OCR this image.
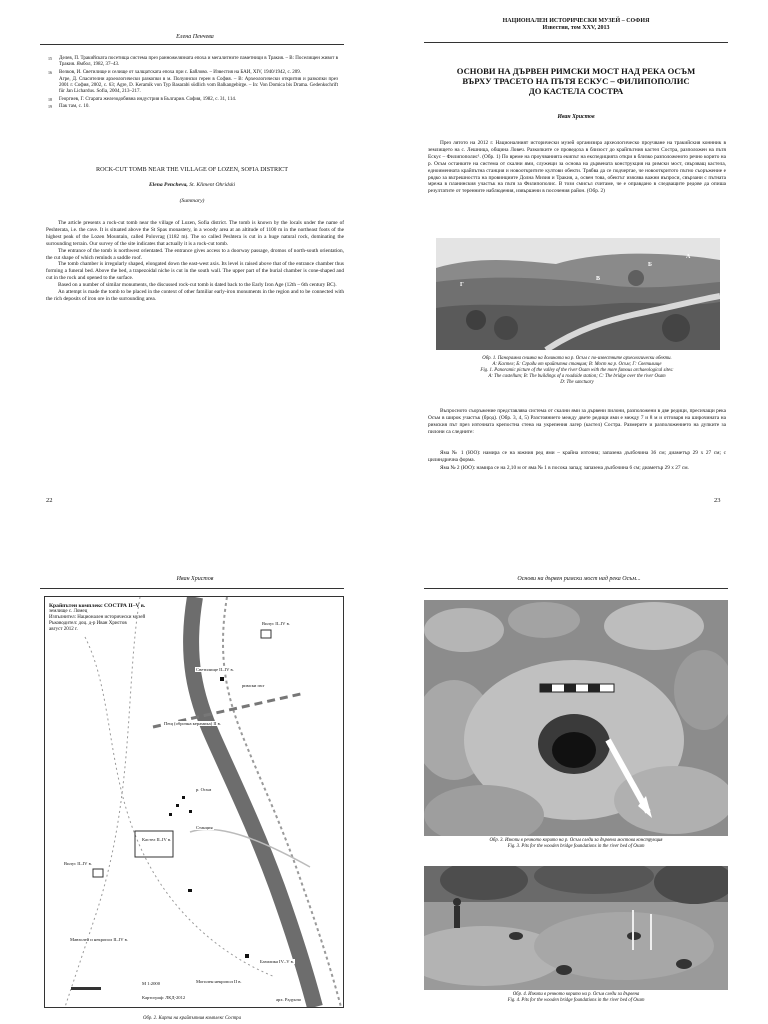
Елена Пенчева
15	Делев, П. Тракийската посетища система през ранножелязната епоха и мегалитните паметници в Тракия. – В: Поселищен живот в Тракия. Ямбол, 1982, 37–43.
16	Велков, И. Светилище и селище от халщатската епоха при с. Байлово. – Известия на БАИ, XIV, 1940/1942, с. 209.
Агре, Д. Спасителни археологически разкопки в м. Полуински герен в София. – В: Археологически открития и разкопки през 2001 г. София, 2002, с. 63; Agre, D. Keramik von Typ Basarabi südlich vom Balkangebirge. – In: Von Domica bis Drama. Gedenkschrift für Jan Lichardus. Sofia, 2004, 213–217.
18	Георгиев, Г. Старата железодобивна индустрия в България. София, 1982, с. 31, 114.
19	Пак там, с. 10.
ROCK-CUT TOMB NEAR THE VILLAGE OF LOZEN, SOFIA DISTRICT
Elena Pencheva, St. Kliment Ohridski
(Summary)
The article presents a rock-cut tomb near the village of Lozen, Sofia district. The tomb is known by the locals under the name of Peshterata, i.e. the cave. It is situated above the St Spas monastery, in a woody area at an altitude of 1100 m in the northeast foots of the highest peak of the Lozen Mountain, called Polovrag (1182 m). The so called Peshtera is cut in a huge natural rock, dominating the surrounding terrain. Our survey of the site indicates that actually it is a rock-cut tomb.
The entrance of the tomb is northwest orientated. The entrance gives access to a doorway passage, dromos of north-south orientation, the cut shape of which reminds a saddle roof.
The tomb chamber is irregularly shaped, elongated down the east-west axis. Its level is raised above that of the entrance chamber thus forming a funeral bed. Above the bed, a trapezoidal niche is cut in the south wall. The upper part of the burial chamber is cone-shaped and cut in the rock and opened to the surface.
Based on a number of similar monuments, the discussed rock-cut tomb is dated back to the Early Iron Age (12th – 6th century BC).
An attempt is made the tomb to be placed in the context of other familiar early-iron monuments in the region and to be connected with the rich deposits of iron ore in the surrounding area.
22
НАЦИОНАЛЕН ИСТОРИЧЕСКИ МУЗЕЙ – СОФИЯ
Известия, том XXV, 2013
ОСНОВИ НА ДЪРВЕН РИМСКИ МОСТ НАД РЕКА ОСЪМ
ВЪРХУ ТРАСЕТО НА ПЪТЯ ЕСКУС – ФИЛИПОПОЛИС
ДО КАСТЕЛА СОСТРА
Иван Христов
През лятото на 2012 г. Националният исторически музей организира археологическо проучване на тракийския коннник в землището на с. Лешница, община Ловеч. Разкопките се проведоха в близост до крайпътния кастел Состра, разположен на пътя Ескус – Филипополис¹. (Обр. 1) По време на проучванията екипът на експедицията откри в близко разположеното речно корито на р. Осъм останките на система от скални ями, служещи за основа на дървената конструкция на римски мост, свързващ кастела, едноименната крайпътна станция и новооткритите култови обекти. Трябва да се подчертае, че новооткритото пътно съоръжение е рядко за вътрешността на провинциите Долна Мизия и Тракия, а, освен това, обектът изясява важни въпроси, свързани с пътната мрежа в планинския участък на пътя за Филипополис. В този смисъл считаме, че е оправдано в следващите редове да опиша резултатите от теренните наблюдения, извършени в посочения район. (Обр. 2)
А
Б
В
Г
Обр. 1. Панорамна снимка на долината на р. Осъм с по-известните археологически обекти.
А: Кастел; Б: Сгради от крайпътна станция; В: Мост на р. Осъм; Г: Светилище
Fig. 1. Panoramic picture of the valley of the river Osam with the more famous archaeological sites:
A: The castellum; B: The buildings of a roadside station; C: The bridge over the river Osam
D: The sanctuary
Въпросното съоръжение представлява система от скални ями за дървени пилони, разположени в две редици, пресичащи река Осъм в широк участък (брод). (Обр. 3, 4, 5) Разстоянието между двете редици ями е между 7 и 8 м и отговаря на широчината на римския път през източната крепостна стена на укрепения лагер (кастел) Состра. Размерите и разположението на дупките за пилони са следните:
Яма № 1 (ЮО): намира се на южния ред ями – крайна източна; запазена дълбочина 36 см; диаметър 29 x 27 см; с цилиндрична форма.
Яма № 2 (ЮО): намира се на 2,10 м от яма № 1 в посока запад; запазена дълбочина 6 см; диаметър 29 x 27 см.
23
Иван Христов
Крайпътен комплекс СОСТРА II–V в.
землище с. Ломец
Изпълнител: Национален исторически музей
Ръководител: доц. д-р Иван Христов
август 2012 г.
Вилус II–IV в.
Светилище II–IV в.
римски път
Пещ (оброчна керамика) II в.
Станция
Кастел II–IV в.
Вилус II–IV в.
Мавзолей и некропол II–IV в.
Базилика IV–V в.
Могилен некропол II в.
р. Осъм
М 1:2000
Картограф: ЛКД-2012	арх. Радунчо
Обр. 2. Карта на крайпътния комплекс Состра
Основи на дървен римски мост над река Осъм...
Обр. 3. Изкопи в речното корито на р. Осъм следи за дървена мостова конструкция
Fig. 3. Pits for the wooden bridge foundations in the river bed of Osam
Обр. 4. Изкопи в речното корито на р. Осъм следи за дървена
Fig. 4. Pits for the wooden bridge foundations in the river bed of Osam
